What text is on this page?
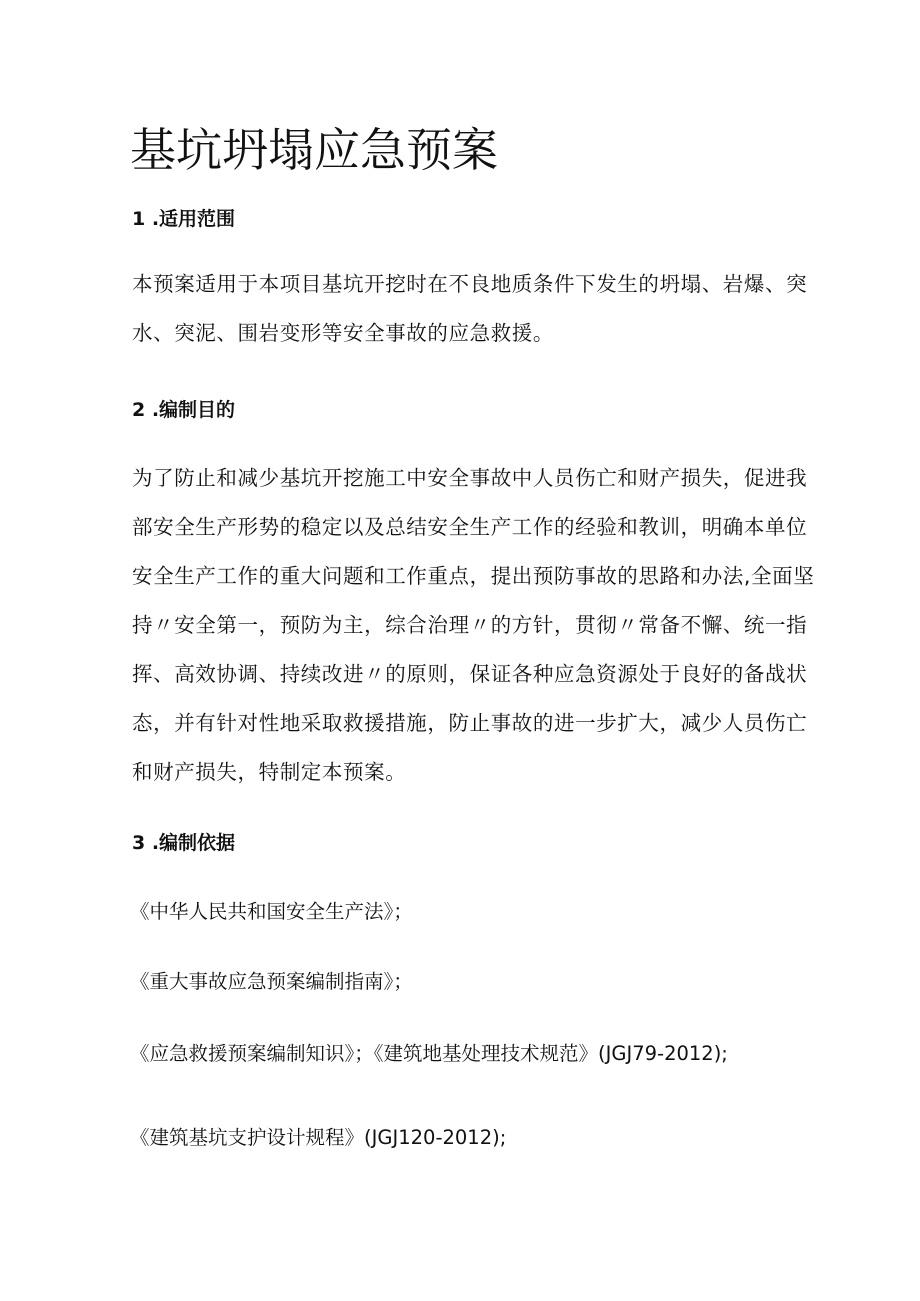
基坑坍塌应急预案
1 .适用范围
本预案适用于本项目基坑开挖时在不良地质条件下发生的坍塌、岩爆、突
水、突泥、围岩变形等安全事故的应急救援。
2 .编制目的
为了防止和减少基坑开挖施工中安全事故中人员伤亡和财产损失，促进我
部安全生产形势的稳定以及总结安全生产工作的经验和教训，明确本单位
安全生产工作的重大问题和工作重点，提出预防事故的思路和办法,全面坚
持〃安全第一，预防为主，综合治理〃的方针，贯彻〃常备不懈、统一指
挥、高效协调、持续改进〃的原则，保证各种应急资源处于良好的备战状
态，并有针对性地采取救援措施，防止事故的进一步扩大，减少人员伤亡
和财产损失，特制定本预案。
3 .编制依据
《中华人民共和国安全生产法》；
《重大事故应急预案编制指南》；
《应急救援预案编制知识》；《建筑地基处理技术规范》(JGJ79-2012);
《建筑基坑支护设计规程》(JGJ120-2012);
